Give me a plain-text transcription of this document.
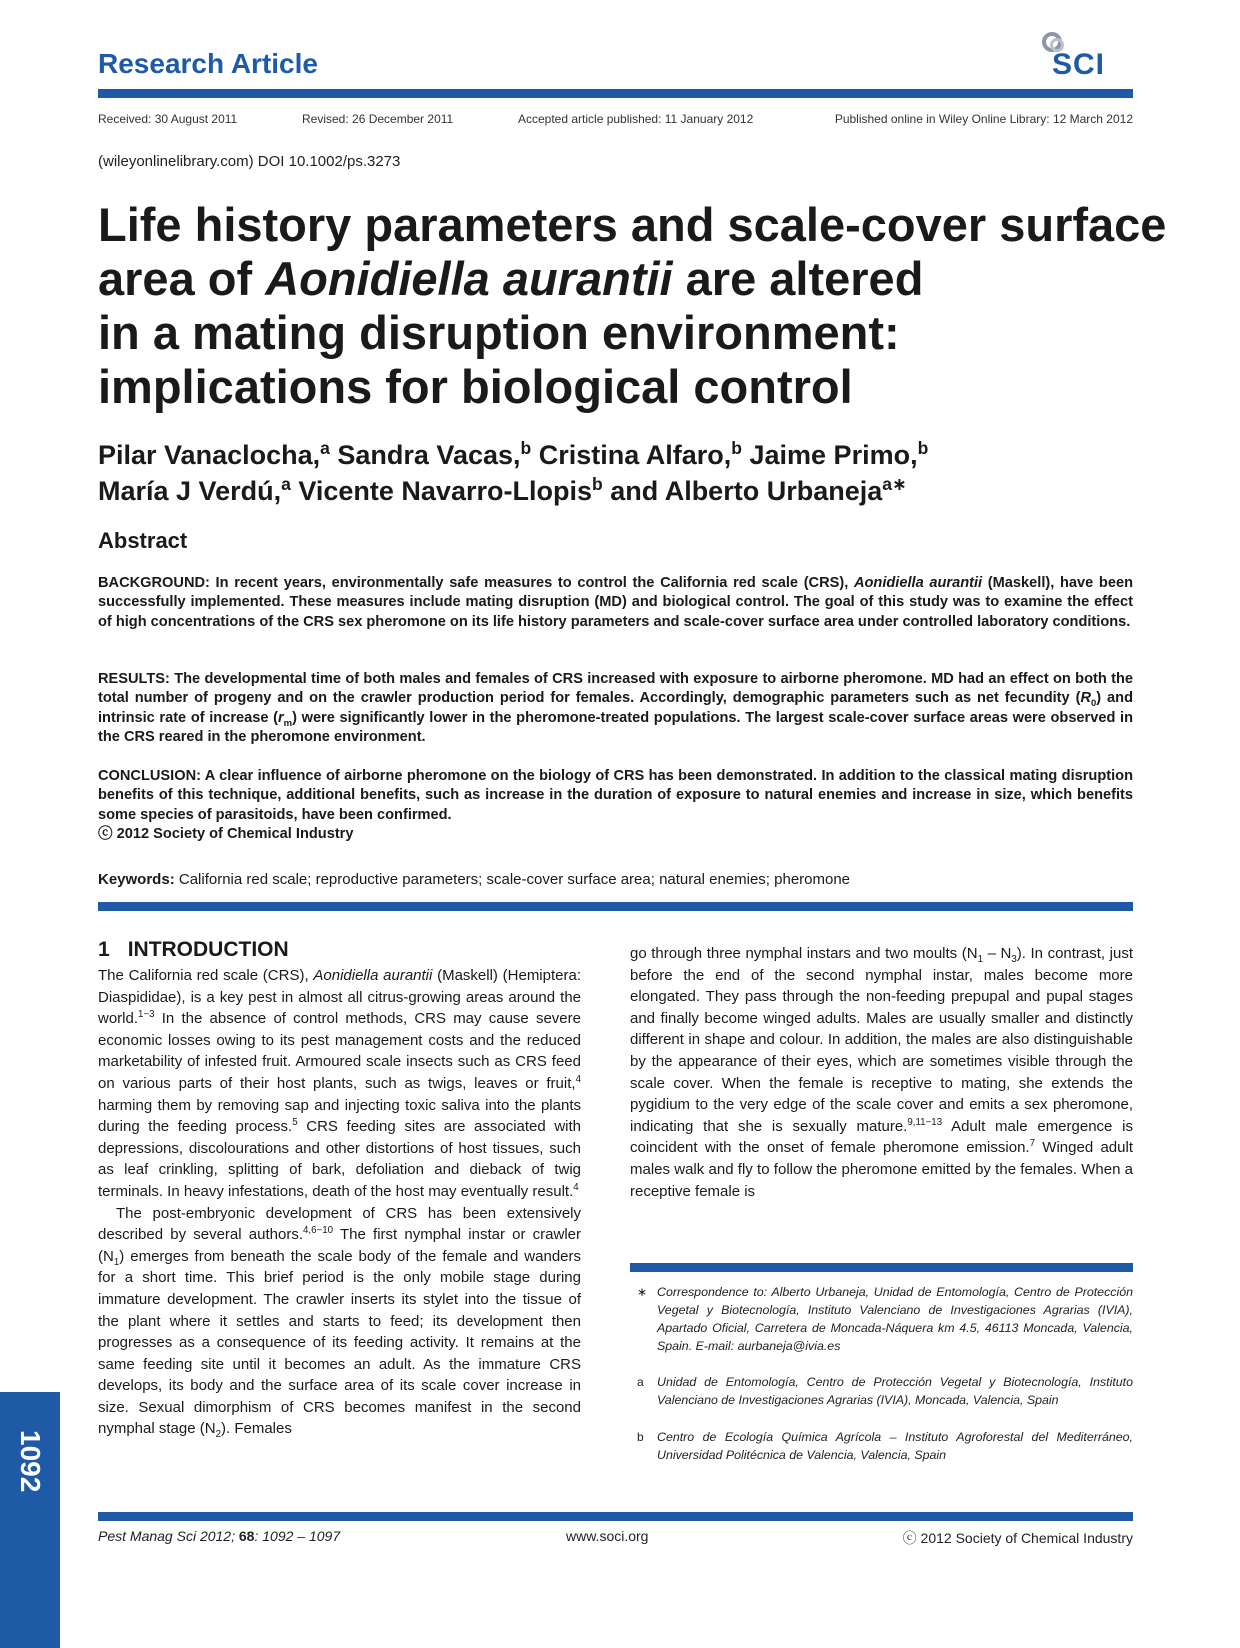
Research Article	SCI
Received: 30 August 2011	Revised: 26 December 2011	Accepted article published: 11 January 2012	Published online in Wiley Online Library: 12 March 2012
(wileyonlinelibrary.com) DOI 10.1002/ps.3273
Life history parameters and scale-cover surface
area of Aonidiella aurantii are altered
in a mating disruption environment:
implications for biological control
Pilar Vanaclocha,$^a$ Sandra Vacas,$^b$ Cristina Alfaro,$^b$ Jaime Primo,$^b$
María J Verdú,$^a$ Vicente Navarro-Llopis$^b$ and Alberto Urbaneja$^{a∗}$
Abstract
BACKGROUND: In recent years, environmentally safe measures to control the California red scale (CRS), Aonidiella aurantii (Maskell), have been successfully implemented. These measures include mating disruption (MD) and biological control. The goal of this study was to examine the effect of high concentrations of the CRS sex pheromone on its life history parameters and scale-cover surface area under controlled laboratory conditions.
RESULTS: The developmental time of both males and females of CRS increased with exposure to airborne pheromone. MD had an effect on both the total number of progeny and on the crawler production period for females. Accordingly, demographic parameters such as net fecundity $(R_0)$ and intrinsic rate of increase $(r_m)$ were significantly lower in the pheromone-treated populations. The largest scale-cover surface areas were observed in the CRS reared in the pheromone environment.
CONCLUSION: A clear influence of airborne pheromone on the biology of CRS has been demonstrated. In addition to the classical mating disruption benefits of this technique, additional benefits, such as increase in the duration of exposure to natural enemies and increase in size, which benefits some species of parasitoids, have been confirmed.
ⓒ 2012 Society of Chemical Industry
Keywords: California red scale; reproductive parameters; scale-cover surface area; natural enemies; pheromone
1 INTRODUCTION
The California red scale (CRS), Aonidiella aurantii (Maskell) (Hemiptera: Diaspididae), is a key pest in almost all citrus-growing areas around the world.$^{1-3}$ In the absence of control methods, CRS may cause severe economic losses owing to its pest management costs and the reduced marketability of infested fruit. Armoured scale insects such as CRS feed on various parts of their host plants, such as twigs, leaves or fruit,$^4$ harming them by removing sap and injecting toxic saliva into the plants during the feeding process.$^5$ CRS feeding sites are associated with depressions, discolourations and other distortions of host tissues, such as leaf crinkling, splitting of bark, defoliation and dieback of twig terminals. In heavy infestations, death of the host may eventually result.$^4$
The post-embryonic development of CRS has been extensively described by several authors.$^{4,6-10}$ The first nymphal instar or crawler $(N_1)$ emerges from beneath the scale body of the female and wanders for a short time. This brief period is the only mobile stage during immature development. The crawler inserts its stylet into the tissue of the plant where it settles and starts to feed; its development then progresses as a consequence of its feeding activity. It remains at the same feeding site until it becomes an adult. As the immature CRS develops, its body and the surface area of its scale cover increase in size. Sexual dimorphism of CRS becomes manifest in the second nymphal stage $(N_2)$. Females
go through three nymphal instars and two moults $(N_1 - N_3)$. In contrast, just before the end of the second nymphal instar, males become more elongated. They pass through the non-feeding prepupal and pupal stages and finally become winged adults. Males are usually smaller and distinctly different in shape and colour. In addition, the males are also distinguishable by the appearance of their eyes, which are sometimes visible through the scale cover. When the female is receptive to mating, she extends the pygidium to the very edge of the scale cover and emits a sex pheromone, indicating that she is sexually mature.$^{9,11-13}$ Adult male emergence is coincident with the onset of female pheromone emission.$^7$ Winged adult males walk and fly to follow the pheromone emitted by the females. When a receptive female is
∗ Correspondence to: Alberto Urbaneja, Unidad de Entomología, Centro de Protección Vegetal y Biotecnología, Instituto Valenciano de Investigaciones Agrarias (IVIA), Apartado Oficial, Carretera de Moncada-Náquera km 4.5, 46113 Moncada, Valencia, Spain. E-mail: aurbaneja@ivia.es
a Unidad de Entomología, Centro de Protección Vegetal y Biotecnología, Instituto Valenciano de Investigaciones Agrarias (IVIA), Moncada, Valencia, Spain
b Centro de Ecología Química Agrícola – Instituto Agroforestal del Mediterráneo, Universidad Politécnica de Valencia, Valencia, Spain
1092
Pest Manag Sci 2012; 68: 1092 – 1097	www.soci.org	ⓒ 2012 Society of Chemical Industry
